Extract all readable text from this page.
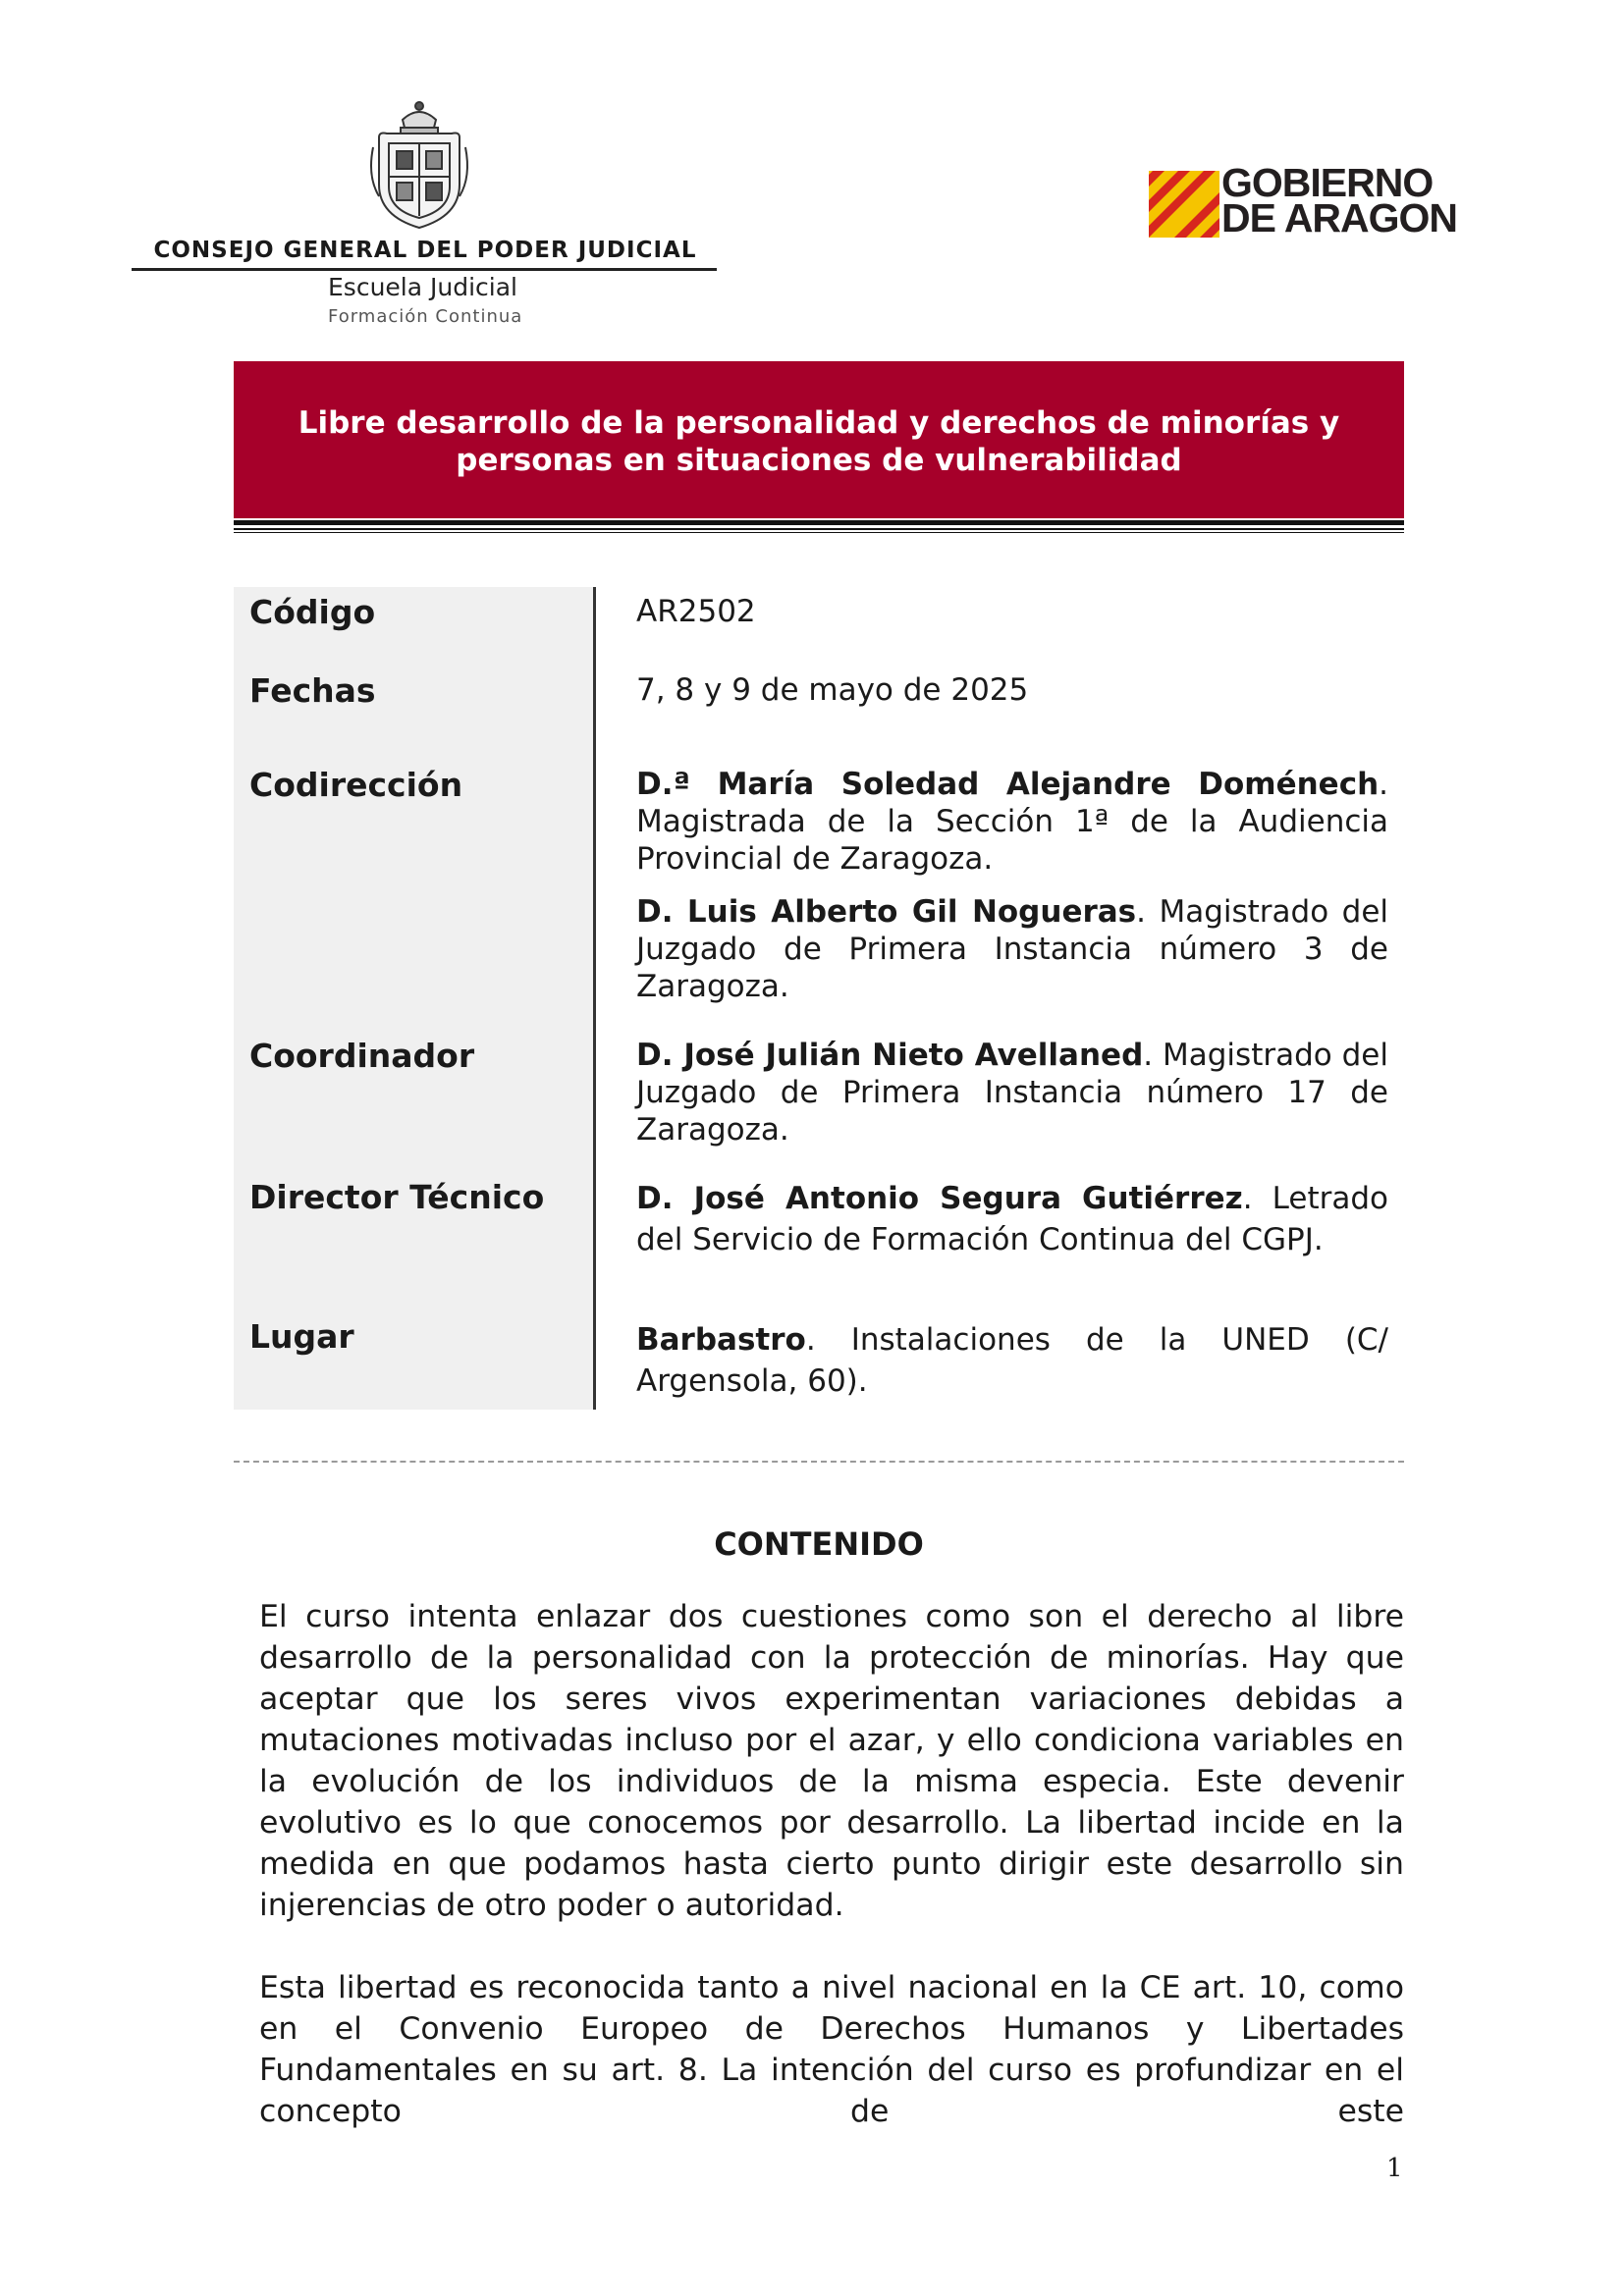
CONSEJO GENERAL DEL PODER JUDICIAL
Escuela Judicial
Formación Continua
GOBIERNO
DE ARAGON
Libre desarrollo de la personalidad y derechos de minorías y personas en situaciones de vulnerabilidad
Código	AR2502
Fechas	7, 8 y 9 de mayo de 2025
Codirección	D.ª María Soledad Alejandre Doménech. Magistrada de la Sección 1ª de la Audiencia Provincial de Zaragoza.
D. Luis Alberto Gil Nogueras. Magistrado del Juzgado de Primera Instancia número 3 de Zaragoza.
Coordinador	D. José Julián Nieto Avellaned. Magistrado del Juzgado de Primera Instancia número 17 de Zaragoza.
Director Técnico	D. José Antonio Segura Gutiérrez. Letrado del Servicio de Formación Continua del CGPJ.
Lugar	Barbastro. Instalaciones de la UNED (C/ Argensola, 60).
CONTENIDO
El curso intenta enlazar dos cuestiones como son el derecho al libre desarrollo de la personalidad con la protección de minorías. Hay que aceptar que los seres vivos experimentan variaciones debidas a mutaciones motivadas incluso por el azar, y ello condiciona variables en la evolución de los individuos de la misma especia. Este devenir evolutivo es lo que conocemos por desarrollo. La libertad incide en la medida en que podamos hasta cierto punto dirigir este desarrollo sin injerencias de otro poder o autoridad.
Esta libertad es reconocida tanto a nivel nacional en la CE art. 10, como en el Convenio Europeo de Derechos Humanos y Libertades Fundamentales en su art. 8. La intención del curso es profundizar en el concepto de este
1
